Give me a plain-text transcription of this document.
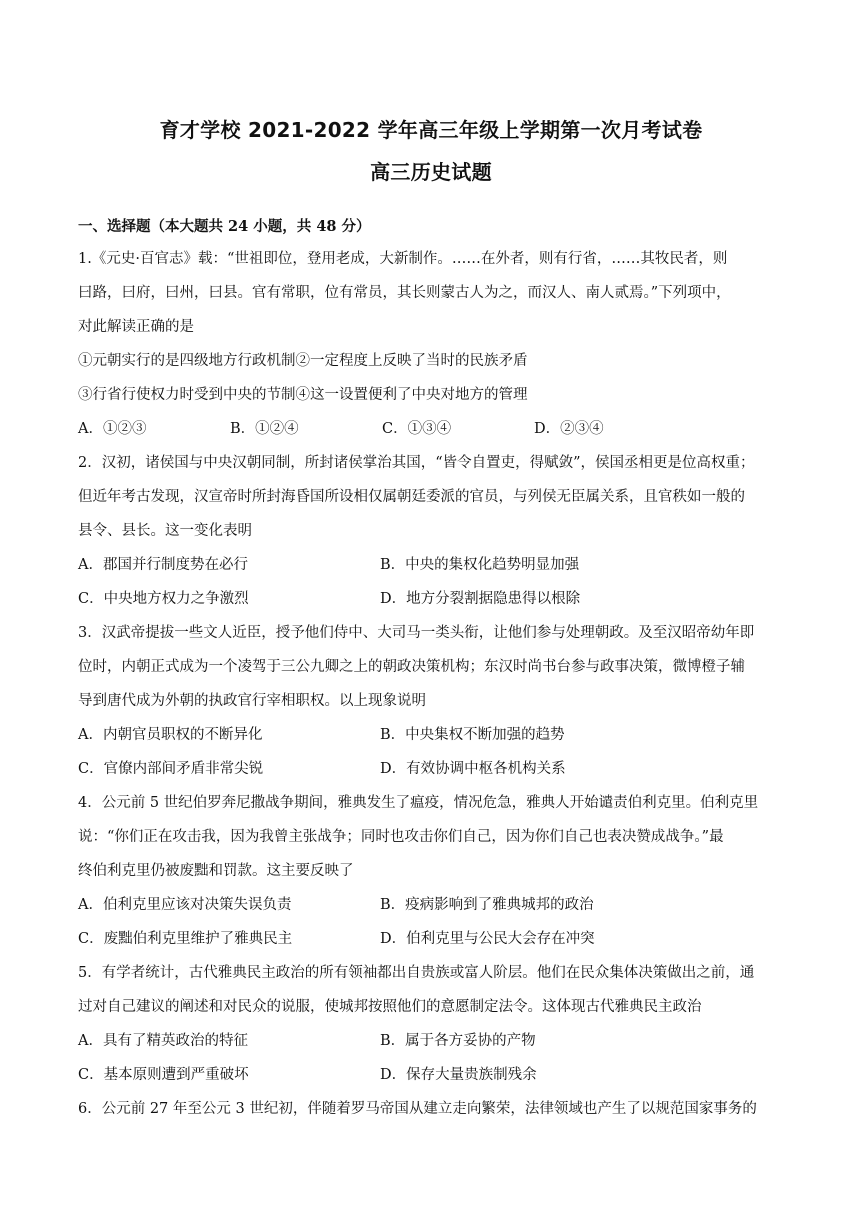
育才学校 2021-2022 学年高三年级上学期第一次月考试卷
高三历史试题
一、选择题（本大题共 24 小题，共 48 分）
1.《元史·百官志》载：“世祖即位，登用老成，大新制作。……在外者，则有行省，……其牧民者，则
曰路，曰府，曰州，曰县。官有常职，位有常员，其长则蒙古人为之，而汉人、南人贰焉。”下列项中，
对此解读正确的是
①元朝实行的是四级地方行政机制②一定程度上反映了当时的民族矛盾
③行省行使权力时受到中央的节制④这一设置便利了中央对地方的管理
A．①②③	B．①②④	C．①③④	D．②③④
2．汉初，诸侯国与中央汉朝同制，所封诸侯掌治其国，“皆令自置吏，得赋敛”，侯国丞相更是位高权重；
但近年考古发现，汉宣帝时所封海昏国所设相仅属朝廷委派的官员，与列侯无臣属关系，且官秩如一般的
县令、县长。这一变化表明
A．郡国并行制度势在必行	B．中央的集权化趋势明显加强
C．中央地方权力之争激烈	D．地方分裂割据隐患得以根除
3．汉武帝提拔一些文人近臣，授予他们侍中、大司马一类头衔，让他们参与处理朝政。及至汉昭帝幼年即
位时，内朝正式成为一个凌驾于三公九卿之上的朝政决策机构；东汉时尚书台参与政事决策，微博橙子辅
导到唐代成为外朝的执政官行宰相职权。以上现象说明
A．内朝官员职权的不断异化	B．中央集权不断加强的趋势
C．官僚内部间矛盾非常尖锐	D．有效协调中枢各机构关系
4．公元前 5 世纪伯罗奔尼撒战争期间，雅典发生了瘟疫，情况危急，雅典人开始谴责伯利克里。伯利克里
说：“你们正在攻击我，因为我曾主张战争；同时也攻击你们自己，因为你们自己也表决赞成战争。”最
终伯利克里仍被废黜和罚款。这主要反映了
A．伯利克里应该对决策失误负责	B．疫病影响到了雅典城邦的政治
C．废黜伯利克里维护了雅典民主	D．伯利克里与公民大会存在冲突
5．有学者统计，古代雅典民主政治的所有领袖都出自贵族或富人阶层。他们在民众集体决策做出之前，通
过对自己建议的阐述和对民众的说服，使城邦按照他们的意愿制定法令。这体现古代雅典民主政治
A．具有了精英政治的特征	B．属于各方妥协的产物
C．基本原则遭到严重破坏	D．保存大量贵族制残余
6．公元前 27 年至公元 3 世纪初，伴随着罗马帝国从建立走向繁荣，法律领域也产生了以规范国家事务的
